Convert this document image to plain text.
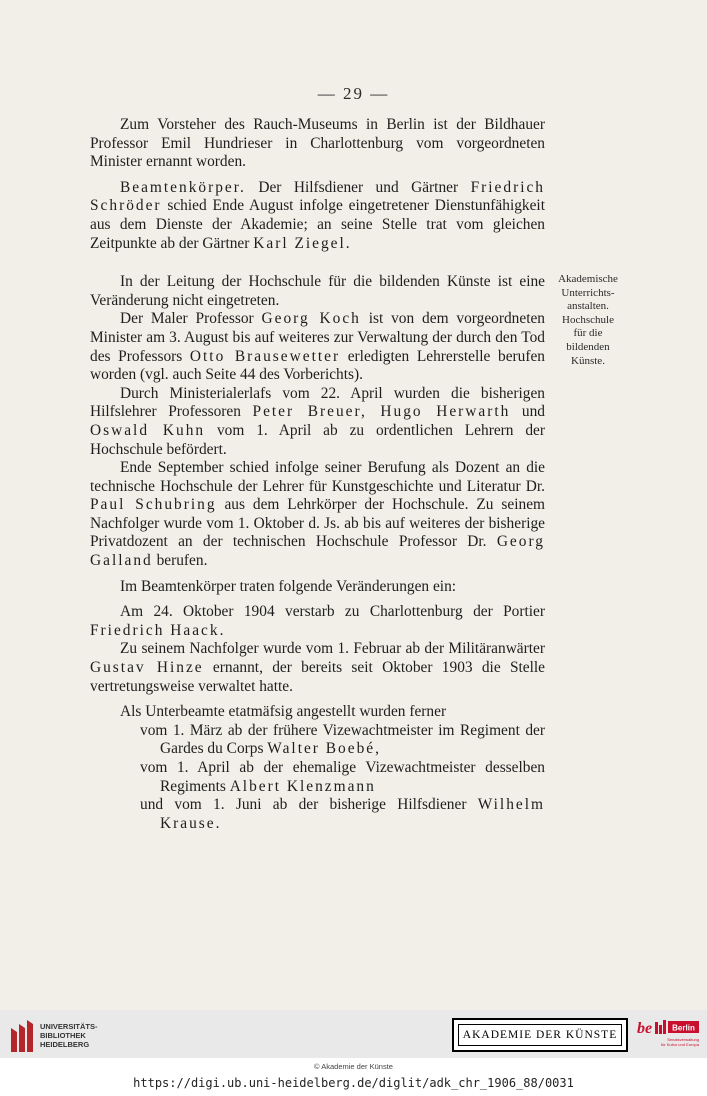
— 29 —

Zum Vorsteher des Rauch-Museums in Berlin ist der Bildhauer Professor Emil Hundrieser in Charlottenburg vom vorgeordneten Minister ernannt worden.

Beamtenkörper. Der Hilfsdiener und Gärtner Friedrich Schröder schied Ende August infolge eingetretener Dienstunfähigkeit aus dem Dienste der Akademie; an seine Stelle trat vom gleichen Zeitpunkte ab der Gärtner Karl Ziegel.

In der Leitung der Hochschule für die bildenden Künste ist eine Veränderung nicht eingetreten.

Der Maler Professor Georg Koch ist von dem vorgeordneten Minister am 3. August bis auf weiteres zur Verwaltung der durch den Tod des Professors Otto Brausewetter erledigten Lehrerstelle berufen worden (vgl. auch Seite 44 des Vorberichts).

Durch Ministerialerlafs vom 22. April wurden die bisherigen Hilfslehrer Professoren Peter Breuer, Hugo Herwarth und Oswald Kuhn vom 1. April ab zu ordentlichen Lehrern der Hochschule befördert.

Ende September schied infolge seiner Berufung als Dozent an die technische Hochschule der Lehrer für Kunstgeschichte und Literatur Dr. Paul Schubring aus dem Lehrkörper der Hochschule. Zu seinem Nachfolger wurde vom 1. Oktober d. Js. ab bis auf weiteres der bisherige Privatdozent an der technischen Hochschule Professor Dr. Georg Galland berufen.

Im Beamtenkörper traten folgende Veränderungen ein:

Am 24. Oktober 1904 verstarb zu Charlottenburg der Portier Friedrich Haack.

Zu seinem Nachfolger wurde vom 1. Februar ab der Militäranwärter Gustav Hinze ernannt, der bereits seit Oktober 1903 die Stelle vertretungsweise verwaltet hatte.

Als Unterbeamte etatmäfsig angestellt wurden ferner

vom 1. März ab der frühere Vizewachtmeister im Regiment der Gardes du Corps Walter Boebé,

vom 1. April ab der ehemalige Vizewachtmeister desselben Regiments Albert Klenzmann

und vom 1. Juni ab der bisherige Hilfsdiener Wilhelm Krause.

Akademische
Unterrichts-
anstalten.
Hochschule
für die
bildenden
Künste.
UNIVERSITÄTS-
BIBLIOTHEK
HEIDELBERG
AKADEMIE DER KÜNSTE be	Berlin
Senatsverwaltung
für Kultur und Europa
© Akademie der Künste
https://digi.ub.uni-heidelberg.de/diglit/adk_chr_1906_88/0031
